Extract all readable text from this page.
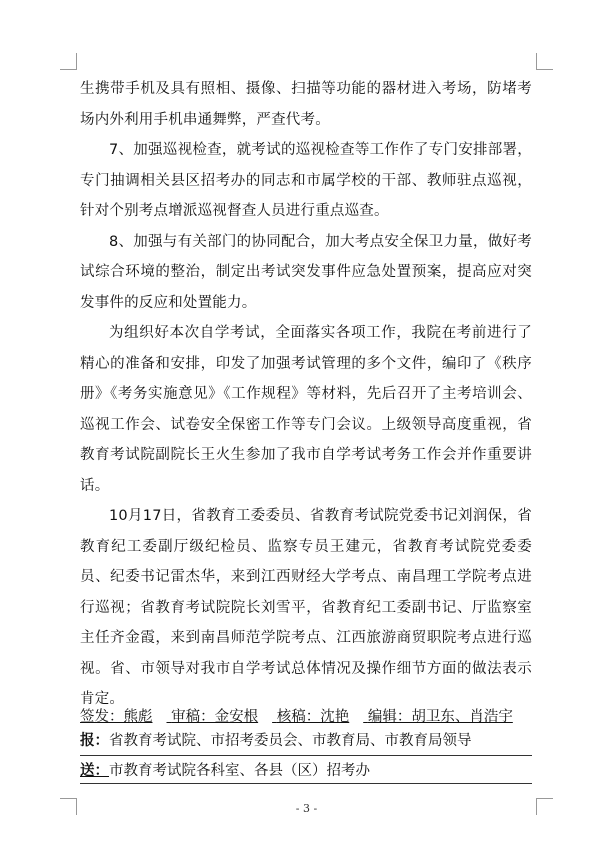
生携带手机及具有照相、摄像、扫描等功能的器材进入考场，防堵考场内外利用手机串通舞弊，严查代考。

7、加强巡视检查，就考试的巡视检查等工作作了专门安排部署，专门抽调相关县区招考办的同志和市属学校的干部、教师驻点巡视，针对个别考点增派巡视督查人员进行重点巡查。

8、加强与有关部门的协同配合，加大考点安全保卫力量，做好考试综合环境的整治，制定出考试突发事件应急处置预案，提高应对突发事件的反应和处置能力。

为组织好本次自学考试，全面落实各项工作，我院在考前进行了精心的准备和安排，印发了加强考试管理的多个文件，编印了《秩序册》《考务实施意见》《工作规程》等材料，先后召开了主考培训会、巡视工作会、试卷安全保密工作等专门会议。上级领导高度重视，省教育考试院副院长王火生参加了我市自学考试考务工作会并作重要讲话。

10月17日，省教育工委委员、省教育考试院党委书记刘润保，省教育纪工委副厅级纪检员、监察专员王建元，省教育考试院党委委员、纪委书记雷杰华，来到江西财经大学考点、南昌理工学院考点进行巡视；省教育考试院院长刘雪平，省教育纪工委副书记、厅监察室主任齐金霞，来到南昌师范学院考点、江西旅游商贸职院考点进行巡视。省、市领导对我市自学考试总体情况及操作细节方面的做法表示肯定。

签发：熊彪 审稿：金安根 核稿：沈艳 编辑：胡卫东、肖浩宇
报：省教育考试院、市招考委员会、市教育局、市教育局领导
送：市教育考试院各科室、各县（区）招考办
- 3 -
